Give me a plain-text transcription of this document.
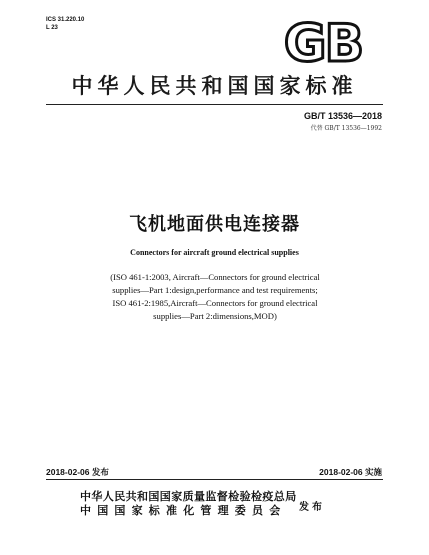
ICS 31.220.10
L 23	GB
中华人民共和国国家标准
GB/T 13536—2018
代替 GB/T 13536—1992
飞机地面供电连接器
Connectors for aircraft ground electrical supplies
(ISO 461-1:2003, Aircraft—Connectors for ground electrical
supplies—Part 1:design,performance and test requirements;
ISO 461-2:1985,Aircraft—Connectors for ground electrical
supplies—Part 2:dimensions,MOD)
2018-02-06 发布	2018-02-06 实施
中华人民共和国国家质量监督检验检疫总局
中国国家标准化管理委员会	发布
